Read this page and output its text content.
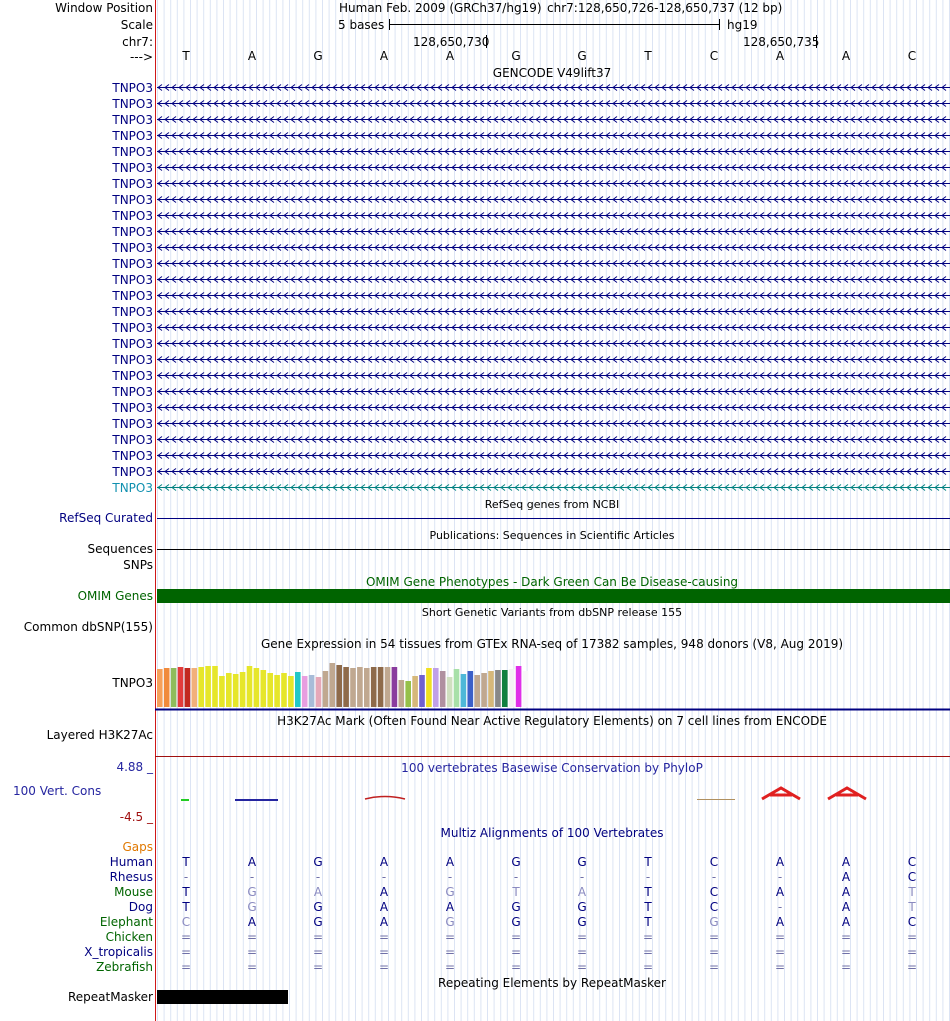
Window Position
Scale
chr7:
--->
Human Feb. 2009 (GRCh37/hg19) chr7:128,650,726-128,650,737 (12 bp)
5 bases	hg19
128,650,730	128,650,735
T	A	G	A	A	G	G	T	C	A	A	C
GENCODE V49lift37
TNPO3
TNPO3
TNPO3
TNPO3
TNPO3
TNPO3
TNPO3
TNPO3
TNPO3
TNPO3
TNPO3
TNPO3
TNPO3
TNPO3
TNPO3
TNPO3
TNPO3
TNPO3
TNPO3
TNPO3
TNPO3
TNPO3
TNPO3
TNPO3
TNPO3
TNPO3
RefSeq genes from NCBI
RefSeq Curated
Publications: Sequences in Scientific Articles
Sequences
SNPs
OMIM Gene Phenotypes - Dark Green Can Be Disease-causing
OMIM Genes
Short Genetic Variants from dbSNP release 155
Common dbSNP(155)
Gene Expression in 54 tissues from GTEx RNA-seq of 17382 samples, 948 donors (V8, Aug 2019)
TNPO3
H3K27Ac Mark (Often Found Near Active Regulatory Elements) on 7 cell lines from ENCODE
Layered H3K27Ac
100 vertebrates Basewise Conservation by PhyloP
4.88 _
100 Vert. Cons
-4.5 _
Multiz Alignments of 100 Vertebrates
Gaps
Human	T	A	G	A	A	G	G	T	C	A	A	C
Rhesus	-	-	-	-	-	-	-	-	-	-	A	C
Mouse	T	G	A	A	G	T	A	T	C	A	A	T
Dog	T	G	G	A	A	G	G	T	C	-	A	T
Elephant	C	A	G	A	G	G	G	T	G	A	A	C
Chicken	=	=	=	=	=	=	=	=	=	=	=	=
X_tropicalis	=	=	=	=	=	=	=	=	=	=	=	=
Zebrafish	=	=	=	=	=	=	=	=	=	=	=	=
Repeating Elements by RepeatMasker
RepeatMasker
